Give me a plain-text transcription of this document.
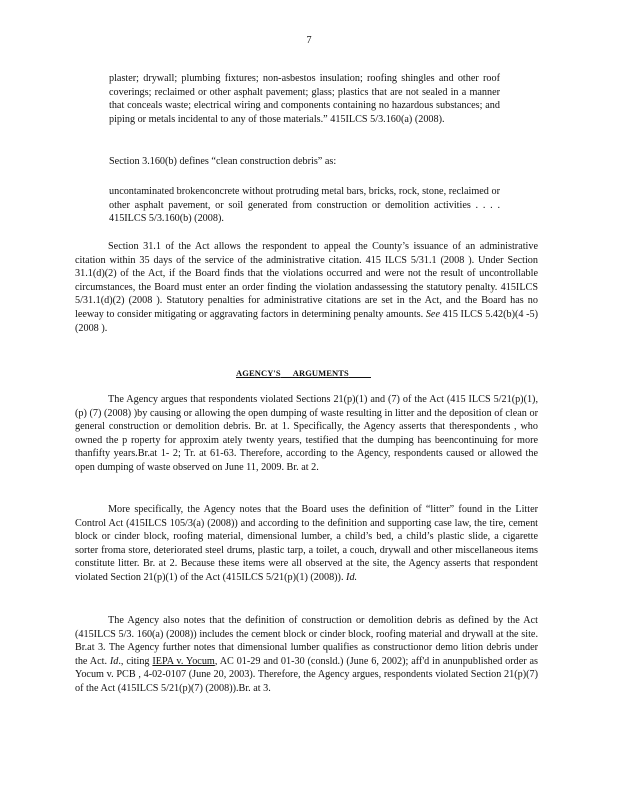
7

plaster; drywall; plumbing fixtures; non-asbestos insulation; roofing shingles and other roof coverings; reclaimed or other asphalt pavement; glass; plastics that are not sealed in a manner that conceals waste; electrical wiring and components containing no hazardous substances; and piping or metals incidental to any of those materials.” 415ILCS 5/3.160(a) (2008).

Section 3.160(b) defines “clean construction debris” as:

uncontaminated brokenconcrete without protruding metal bars, bricks, rock, stone, reclaimed or other asphalt pavement, or soil generated from construction or demolition activities . . . . 415ILCS 5/3.160(b) (2008).

Section 31.1 of the Act allows the respondent to appeal the County’s issuance of an administrative citation within 35 days of the service of the administrative citation. 415 ILCS 5/31.1 (2008 ). Under Section 31.1(d)(2) of the Act, if the Board finds that the violations occurred and were not the result of uncontrollable circumstances, the Board must enter an order finding the violation andassessing the statutory penalty. 415ILCS 5/31.1(d)(2) (2008 ). Statutory penalties for administrative citations are set in the Act, and the Board has no leeway to consider mitigating or aggravating factors in determining penalty amounts. See 415 ILCS 5.42(b)(4 -5) (2008 ).

AGENCY'S ARGUMENTS

The Agency argues that respondents violated Sections 21(p)(1) and (7) of the Act (415 ILCS 5/21(p)(1), (p) (7) (2008) )by causing or allowing the open dumping of waste resulting in litter and the deposition of clean or general construction or demolition debris. Br. at 1. Specifically, the Agency asserts that therespondents , who owned the p roperty for approxim ately twenty years, testified that the dumping has beencontinuing for more thanfifty years.Br.at 1- 2; Tr. at 61-63. Therefore, according to the Agency, respondents caused or allowed the open dumping of waste observed on June 11, 2009. Br. at 2.

More specifically, the Agency notes that the Board uses the definition of “litter” found in the Litter Control Act (415ILCS 105/3(a) (2008)) and according to the definition and supporting case law, the tire, cement block or cinder block, roofing material, dimensional lumber, a child’s bed, a child’s plastic slide, a cigarette sorter froma store, deteriorated steel drums, plastic tarp, a toilet, a couch, drywall and other miscellaneous items constitute litter. Br. at 2. Because these items were all observed at the site, the Agency asserts that respondent violated Section 21(p)(1) of the Act (415ILCS 5/21(p)(1) (2008)). Id.

The Agency also notes that the definition of construction or demolition debris as defined by the Act (415ILCS 5/3. 160(a) (2008)) includes the cement block or cinder block, roofing material and drywall at the site. Br.at 3. The Agency further notes that dimensional lumber qualifies as constructionor demo lition debris under the Act. Id., citing IEPA v. Yocum, AC 01-29 and 01-30 (consld.) (June 6, 2002); aff'd in anunpublished order as Yocum v. PCB , 4-02-0107 (June 20, 2003). Therefore, the Agency argues, respondents violated Section 21(p)(7) of the Act (415ILCS 5/21(p)(7) (2008)).Br. at 3.
